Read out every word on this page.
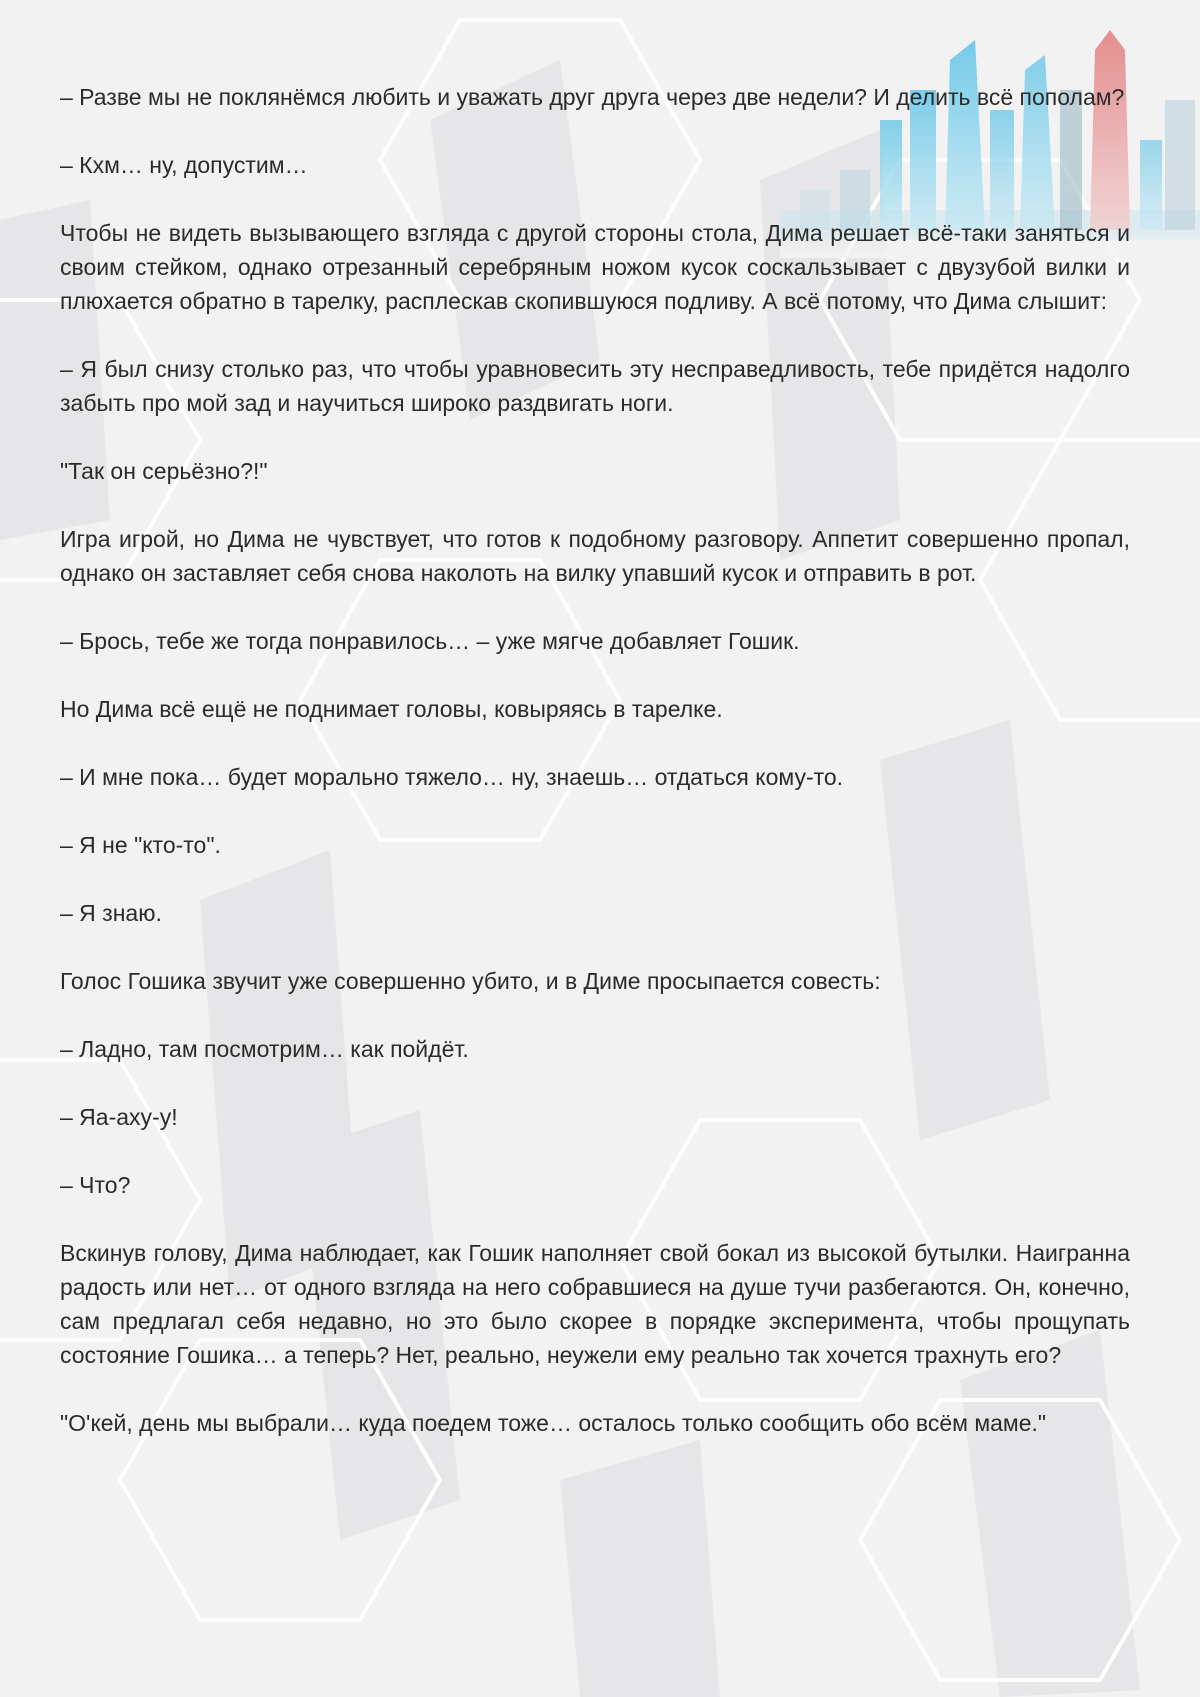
– Разве мы не поклянёмся любить и уважать друг друга через две недели? И делить всё пополам?

– Кхм… ну, допустим…

Чтобы не видеть вызывающего взгляда с другой стороны стола, Дима решает всё-таки заняться и своим стейком, однако отрезанный серебряным ножом кусок соскальзывает с двузубой вилки и плюхается обратно в тарелку, расплескав скопившуюся подливу. А всё потому, что Дима слышит:

– Я был снизу столько раз, что чтобы уравновесить эту несправедливость, тебе придётся надолго забыть про мой зад и научиться широко раздвигать ноги.

"Так он серьёзно?!"

Игра игрой, но Дима не чувствует, что готов к подобному разговору. Аппетит совершенно пропал, однако он заставляет себя снова наколоть на вилку упавший кусок и отправить в рот.

– Брось, тебе же тогда понравилось… – уже мягче добавляет Гошик.

Но Дима всё ещё не поднимает головы, ковыряясь в тарелке.

– И мне пока… будет морально тяжело… ну, знаешь… отдаться кому-то.

– Я не "кто-то".

– Я знаю.

Голос Гошика звучит уже совершенно убито, и в Диме просыпается совесть:

– Ладно, там посмотрим… как пойдёт.

– Яа-аху-у!

– Что?

Вскинув голову, Дима наблюдает, как Гошик наполняет свой бокал из высокой бутылки. Наигранна радость или нет… от одного взгляда на него собравшиеся на душе тучи разбегаются. Он, конечно, сам предлагал себя недавно, но это было скорее в порядке эксперимента, чтобы прощупать состояние Гошика… а теперь? Нет, реально, неужели ему реально так хочется трахнуть его?

"О'кей, день мы выбрали… куда поедем тоже… осталось только сообщить обо всём маме."
